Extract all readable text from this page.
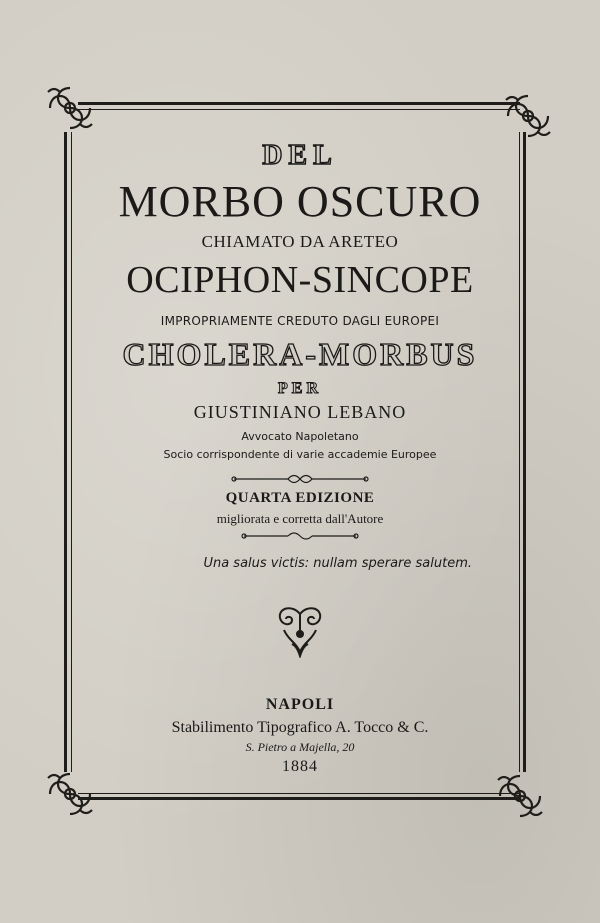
DEL
MORBO OSCURO
CHIAMATO DA ARETEO
OCIPHON-SINCOPE
IMPROPRIAMENTE CREDUTO DAGLI EUROPEI
CHOLERA-MORBUS
PER
GIUSTINIANO LEBANO
Avvocato Napoletano
Socio corrispondente di varie accademie Europee
QUARTA EDIZIONE
migliorata e corretta dall'Autore
Una salus victis: nullam sperare salutem.
NAPOLI
Stabilimento Tipografico A. Tocco & C.
S. Pietro a Majella, 20
1884
